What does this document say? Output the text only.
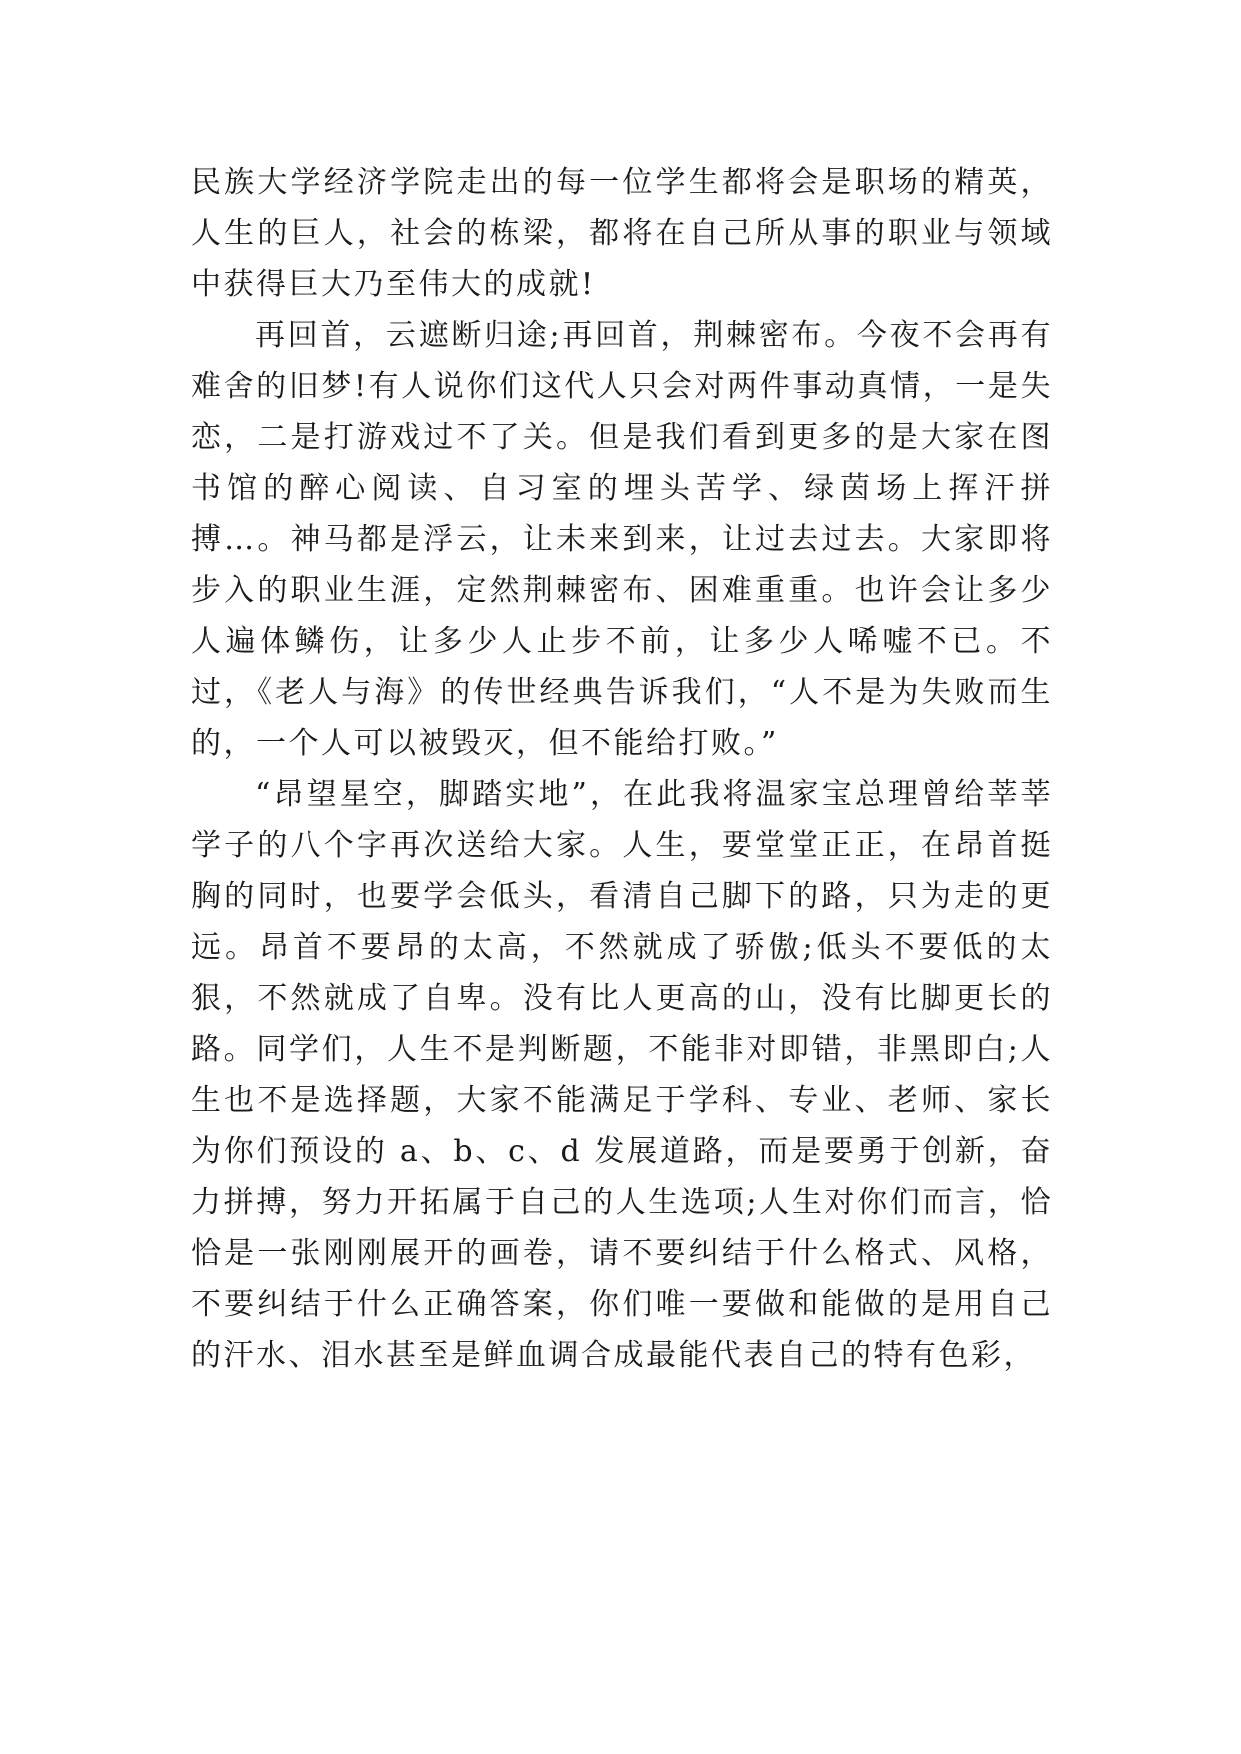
民族大学经济学院走出的每一位学生都将会是职场的精英，人生的巨人，社会的栋梁，都将在自己所从事的职业与领域中获得巨大乃至伟大的成就!

再回首，云遮断归途;再回首，荆棘密布。今夜不会再有难舍的旧梦!有人说你们这代人只会对两件事动真情，一是失恋，二是打游戏过不了关。但是我们看到更多的是大家在图书馆的醉心阅读、自习室的埋头苦学、绿茵场上挥汗拼搏…。神马都是浮云，让未来到来，让过去过去。大家即将步入的职业生涯，定然荆棘密布、困难重重。也许会让多少人遍体鳞伤，让多少人止步不前，让多少人唏嘘不已。不过，《老人与海》的传世经典告诉我们，“人不是为失败而生的，一个人可以被毁灭，但不能给打败。”

“昂望星空，脚踏实地”，在此我将温家宝总理曾给莘莘学子的八个字再次送给大家。人生，要堂堂正正，在昂首挺胸的同时，也要学会低头，看清自己脚下的路，只为走的更远。昂首不要昂的太高，不然就成了骄傲;低头不要低的太狠，不然就成了自卑。没有比人更高的山，没有比脚更长的路。同学们，人生不是判断题，不能非对即错，非黑即白;人生也不是选择题，大家不能满足于学科、专业、老师、家长为你们预设的 a、b、c、d 发展道路，而是要勇于创新，奋力拼搏，努力开拓属于自己的人生选项;人生对你们而言，恰恰是一张刚刚展开的画卷，请不要纠结于什么格式、风格，不要纠结于什么正确答案，你们唯一要做和能做的是用自己的汗水、泪水甚至是鲜血调合成最能代表自己的特有色彩，
